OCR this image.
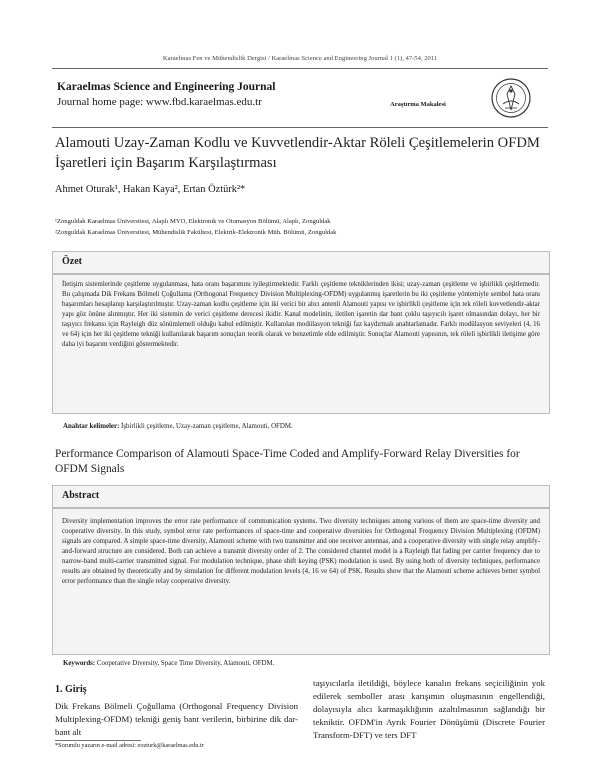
Karaelmas Fen ve Mühendislik Dergisi / Karaelmas Science and Engineering Journal 1 (1), 47-54, 2011
Karaelmas Science and Engineering Journal
Journal home page: www.fbd.karaelmas.edu.tr	Araştırma Makalesi
Alamouti Uzay-Zaman Kodlu ve Kuvvetlendir-Aktar Röleli Çeşitlemelerin OFDM İşaretleri için Başarım Karşılaştırması
Ahmet Oturak¹, Hakan Kaya², Ertan Öztürk²*
¹Zonguldak Karaelmas Üniversitesi, Alaplı MYO, Elektronik ve Otomasyon Bölümü, Alaplı, Zonguldak
²Zonguldak Karaelmas Üniversitesi, Mühendislik Fakültesi, Elektrik-Elektronik Müh. Bölümü, Zonguldak
Özet
İletişim sistemlerinde çeşitleme uygulanması, hata oranı başarımını iyileştirmektedir. Farklı çeşitleme tekniklerinden ikisi; uzay-zaman çeşitleme ve işbirlikli çeşitlemedir. Bu çalışmada Dik Frekans Bölmeli Çoğullama (Orthogonal Frequency Division Multiplexing-OFDM) uygulanmış işaretlerin bu iki çeşitleme yöntemiyle sembol hata oranı başarımları hesaplanıp karşılaştırılmıştır. Uzay-zaman kodlu çeşitleme için iki verici bir alıcı antenli Alamouti yapısı ve işbirlikli çeşitleme için tek röleli kuvvetlendir-aktar yapı göz önüne alınmıştır. Her iki sistemin de verici çeşitleme derecesi ikidir. Kanal modelinin, iletilen işaretin dar bant çoklu taşıyıcılı işaret olmasından dolayı, her bir taşıyıcı frekansı için Rayleigh düz sönümlemeli olduğu kabul edilmiştir. Kullanılan modülasyon tekniği faz kaydırmalı anahtarlamadır. Farklı modülasyon seviyeleri (4, 16 ve 64) için her iki çeşitleme tekniği kullanılarak başarım sonuçları teorik olarak ve benzetimle elde edilmiştir. Sonuçlar Alamouti yapısının, tek röleli işbirlikli iletişime göre daha iyi başarım verdiğini göstermektedir.
Anahtar kelimeler: İşbirlikli çeşitleme, Uzay-zaman çeşitleme, Alamouti, OFDM.
Performance Comparison of Alamouti Space-Time Coded and Amplify-Forward Relay Diversities for OFDM Signals
Abstract
Diversity implementation improves the error rate performance of communication systems. Two diversity techniques among various of them are space-time diversity and cooperative diversity. In this study, symbol error rate performances of space-time and cooperative diversities for Orthogonal Frequency Division Multiplexing (OFDM) signals are compared. A simple space-time diversity, Alamouti scheme with two transmitter and one receiver antennas, and a cooperative diversity with single relay amplify-and-forward structure are considered. Both can achieve a transmit diversity order of 2. The considered channel model is a Rayleigh flat fading per carrier frequency due to narrow-band multi-carrier transmitted signal. For modulation technique, phase shift keying (PSK) modulation is used. By using both of diversity techniques, performance results are obtained by theoretically and by simulation for different modulation levels (4, 16 ve 64) of PSK. Results show that the Alamouti scheme achieves better symbol error performance than the single relay cooperative diversity.
Keywords: Cooperative Diversity, Space Time Diversity, Alamouti, OFDM.
1. Giriş
Dik Frekans Bölmeli Çoğullama (Orthogonal Frequency Division Multiplexing-OFDM) tekniği geniş bant verilerin, birbirine dik dar-bant alt
taşıyıcılarla iletildiği, böylece kanalın frekans seçiciliğinin yok edilerek semboller arası karışımın oluşmasının engellendiği, dolayısıyla alıcı karmaşıklığının azaltılmasının sağlandığı bir tekniktir. OFDM'in Ayrık Fourier Dönüşümü (Discrete Fourier Transform-DFT) ve ters DFT
*Sorumlu yazarın e-mail adresi: eozturk@karaelmas.edu.tr
